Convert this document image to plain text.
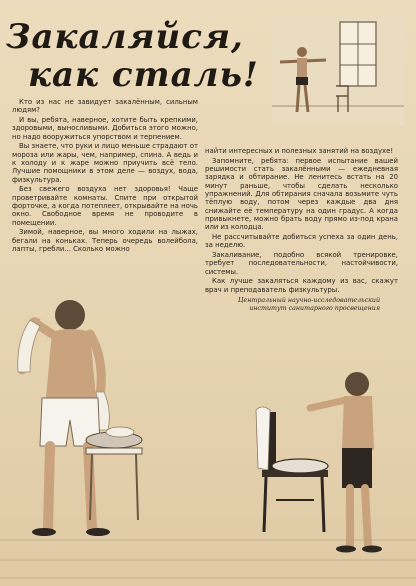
Закаляйся,
как сталь!

Кто из нас не завидует закалённым, сильным людям?

И вы, ребята, наверное, хотите быть крепкими, здоровыми, выносливыми. Добиться этого можно, но надо вооружиться упорством и терпением.

Вы знаете, что руки и лицо меньше страдают от мороза или жары, чем, например, спина. А ведь и к холоду и к жаре можно приучить всё тело. Лучшие помощники в этом деле — воздух, вода, физкультура.

Без свежего воздуха нет здоровья! Чаще проветривайте комнаты. Спите при открытой форточке, а когда потеплеет, открывайте на ночь окно. Свободное время не проводите в помещении.

Зимой, наверное, вы много ходили на лыжах, бегали на коньках. Теперь очередь волейбола, лапты, гребли... Сколько можно

найти интересных и полезных занятий на воздухе!

Запомните, ребята: первое испытание вашей решимости стать закалёнными — ежедневная зарядка и обтирание. Не ленитесь встать на 20 минут раньше, чтобы сделать несколько упражнений. Для обтирания сначала возьмите чуть тёплую воду, потом через каждые два дня снижайте её температуру на один градус. А когда привыкнете, можно брать воду прямо из-под крана или из колодца.

Не рассчитывайте добиться успеха за один день, за неделю.

Закаливание, подобно всякой тренировке, требует последовательности, настойчивости, системы.

Как лучше закаляться каждому из вас, скажут врач и преподаватель физкультуры.

Центральный научно-исследовательский
институт санитарного просвещения
